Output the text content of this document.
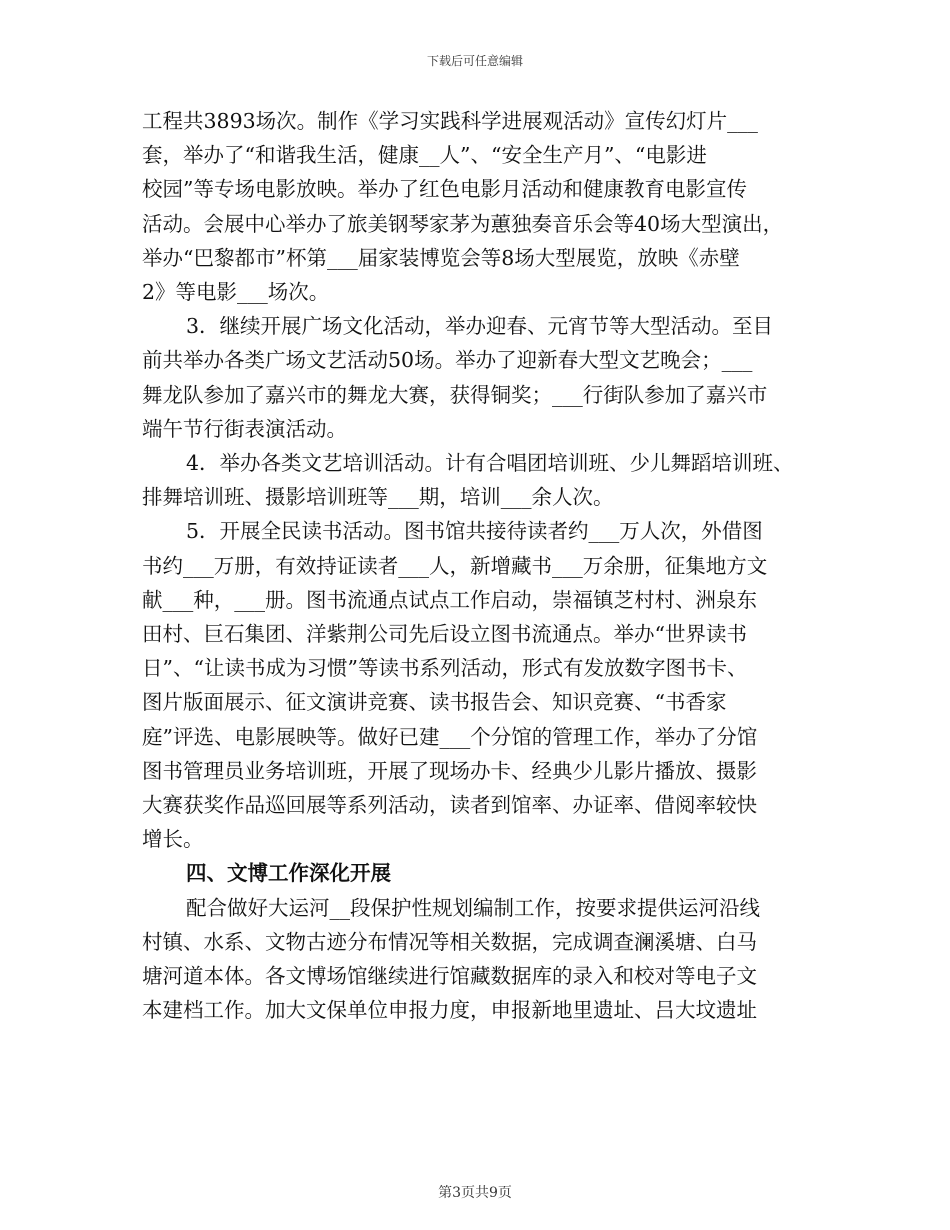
下载后可任意编辑
工程共3893场次。制作《学习实践科学进展观活动》宣传幻灯片___
套，举办了“和谐我生活，健康__人”、“安全生产月”、“电影进
校园”等专场电影放映。举办了红色电影月活动和健康教育电影宣传
活动。会展中心举办了旅美钢琴家茅为蕙独奏音乐会等40场大型演出，
举办“巴黎都市”杯第___届家装博览会等8场大型展览，放映《赤壁
2》等电影___场次。
3．继续开展广场文化活动，举办迎春、元宵节等大型活动。至目
前共举办各类广场文艺活动50场。举办了迎新春大型文艺晚会；___
舞龙队参加了嘉兴市的舞龙大赛，获得铜奖；___行街队参加了嘉兴市
端午节行街表演活动。
4．举办各类文艺培训活动。计有合唱团培训班、少儿舞蹈培训班、
排舞培训班、摄影培训班等___期，培训___余人次。
5．开展全民读书活动。图书馆共接待读者约___万人次，外借图
书约___万册，有效持证读者___人，新增藏书___万余册，征集地方文
献___种，___册。图书流通点试点工作启动，崇福镇芝村村、洲泉东
田村、巨石集团、洋紫荆公司先后设立图书流通点。举办“世界读书
日”、“让读书成为习惯”等读书系列活动，形式有发放数字图书卡、
图片版面展示、征文演讲竞赛、读书报告会、知识竞赛、“书香家
庭”评选、电影展映等。做好已建___个分馆的管理工作，举办了分馆
图书管理员业务培训班，开展了现场办卡、经典少儿影片播放、摄影
大赛获奖作品巡回展等系列活动，读者到馆率、办证率、借阅率较快
增长。
四、文博工作深化开展
配合做好大运河__段保护性规划编制工作，按要求提供运河沿线
村镇、水系、文物古迹分布情况等相关数据，完成调查澜溪塘、白马
塘河道本体。各文博场馆继续进行馆藏数据库的录入和校对等电子文
本建档工作。加大文保单位申报力度，申报新地里遗址、吕大坟遗址
第3页共9页
